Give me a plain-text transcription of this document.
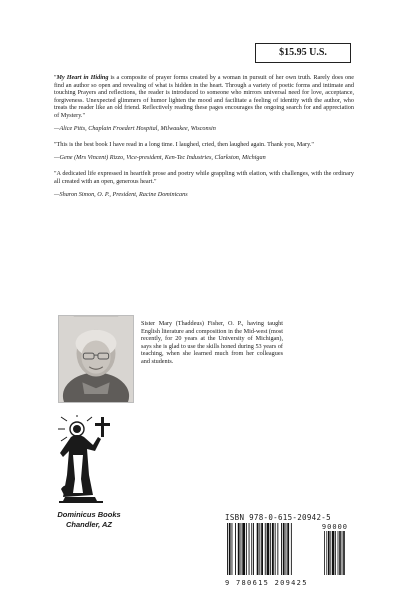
$15.95 U.S.

"My Heart in Hiding is a composite of prayer forms created by a woman in pursuit of her own truth. Rarely does one find an author so open and revealing of what is hidden in the heart. Through a variety of poetic forms and intimate and touching Prayers and reflections, the reader is introduced to someone who mirrors universal need for love, acceptance, forgiveness. Unexpected glimmers of humor lighten the mood and facilitate a feeling of identity with the author, who treats the reader like an old friend. Reflectively reading these pages encourages the ongoing search for and appreciation of Mystery."

—Alice Pitts, Chaplain Froedert Hospital, Milwaukee, Wisconsin

"This is the best book I have read in a long time. I laughed, cried, then laughed again. Thank you, Mary."

—Gene (Mrs Vincent) Rizzo, Vice-president, Ken-Tec Industries, Clarkston, Michigan

"A dedicated life expressed in heartfelt prose and poetry while grappling with elation, with challenges, with the ordinary all created with an open, generous heart."

—Sharon Simon, O. P., President, Racine Dominicans

Sister Mary (Thaddeus) Fisher, O. P., having taught English literature and composition in the Mid-west (most recently, for 20 years at the University of Michigan), says she is glad to use the skills honed during 53 years of teaching, when she learned much from her colleagues and students.

Dominicus Books
Chandler, AZ
ISBN 978-0-615-20942-5
90000
9 780615 209425
